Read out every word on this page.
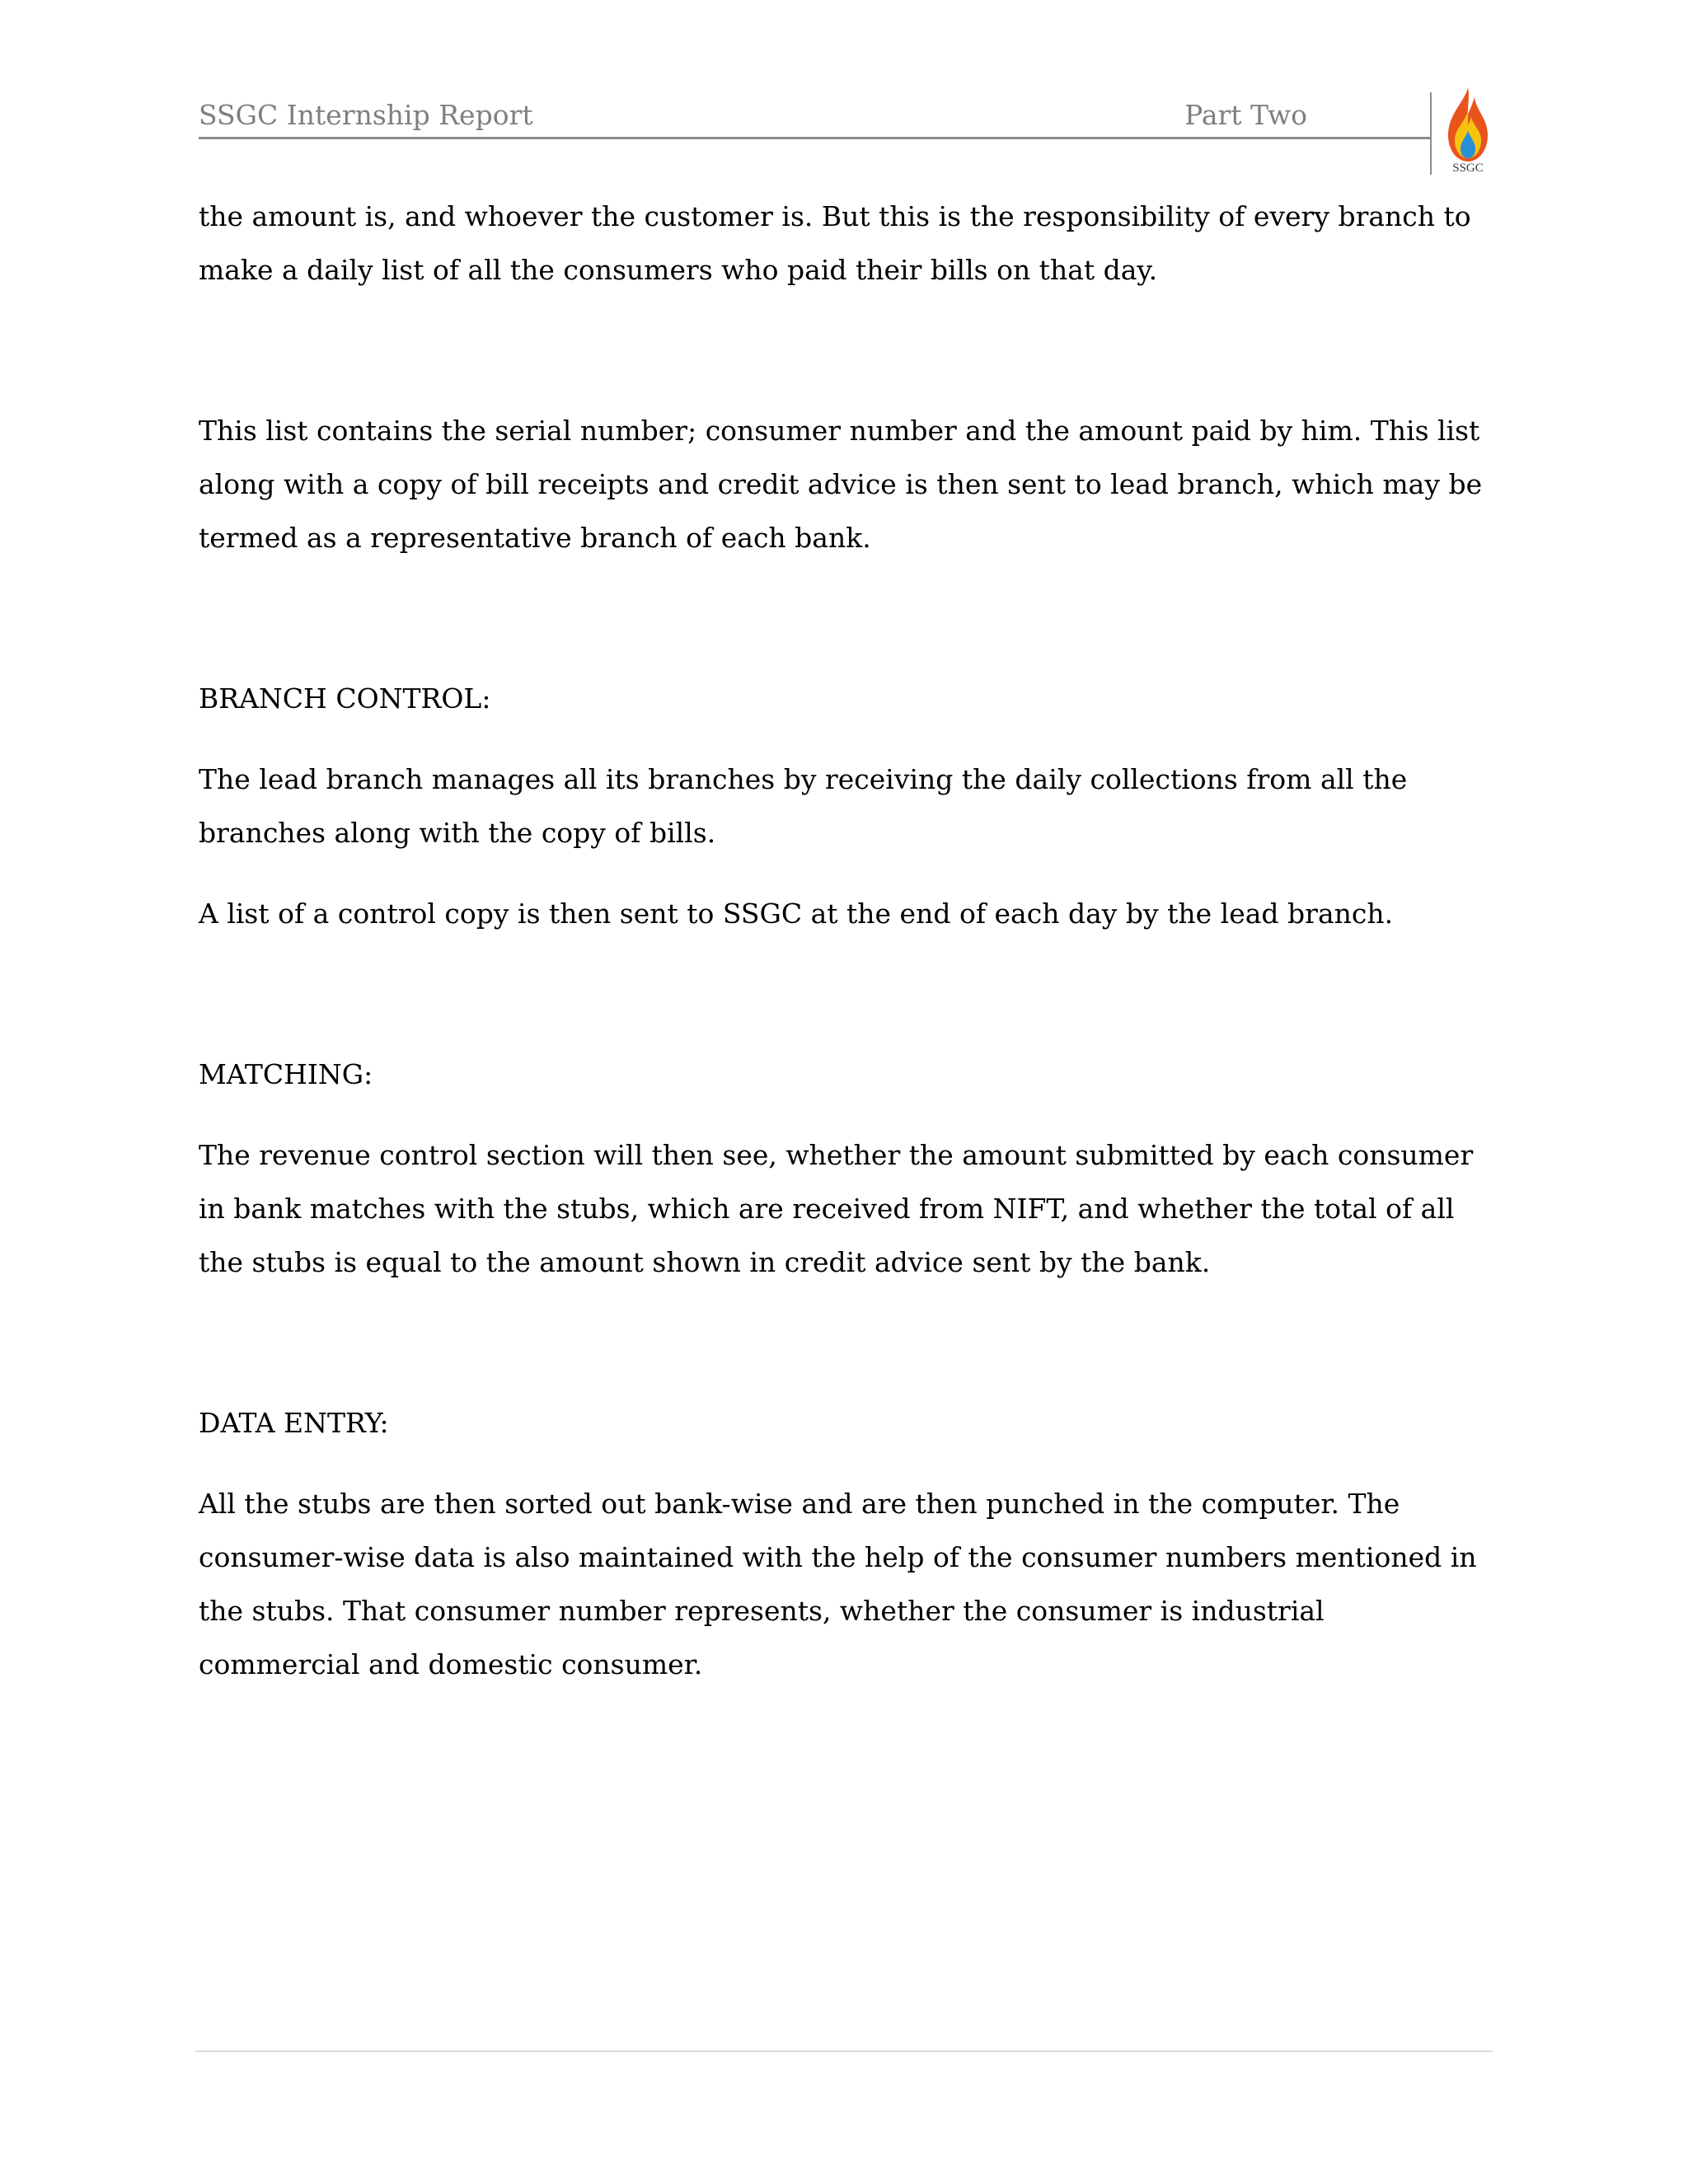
SSGC Internship Report	Part Two
SSGC

the amount is, and whoever the customer is. But this is the responsibility of every branch to make a daily list of all the consumers who paid their bills on that day.

This list contains the serial number; consumer number and the amount paid by him. This list along with a copy of bill receipts and credit advice is then sent to lead branch, which may be termed as a representative branch of each bank.

BRANCH CONTROL:

The lead branch manages all its branches by receiving the daily collections from all the branches along with the copy of bills.

A list of a control copy is then sent to SSGC at the end of each day by the lead branch.

MATCHING:

The revenue control section will then see, whether the amount submitted by each consumer in bank matches with the stubs, which are received from NIFT, and whether the total of all the stubs is equal to the amount shown in credit advice sent by the bank.

DATA ENTRY:

All the stubs are then sorted out bank-wise and are then punched in the computer. The consumer-wise data is also maintained with the help of the consumer numbers mentioned in the stubs. That consumer number represents, whether the consumer is industrial commercial and domestic consumer.
